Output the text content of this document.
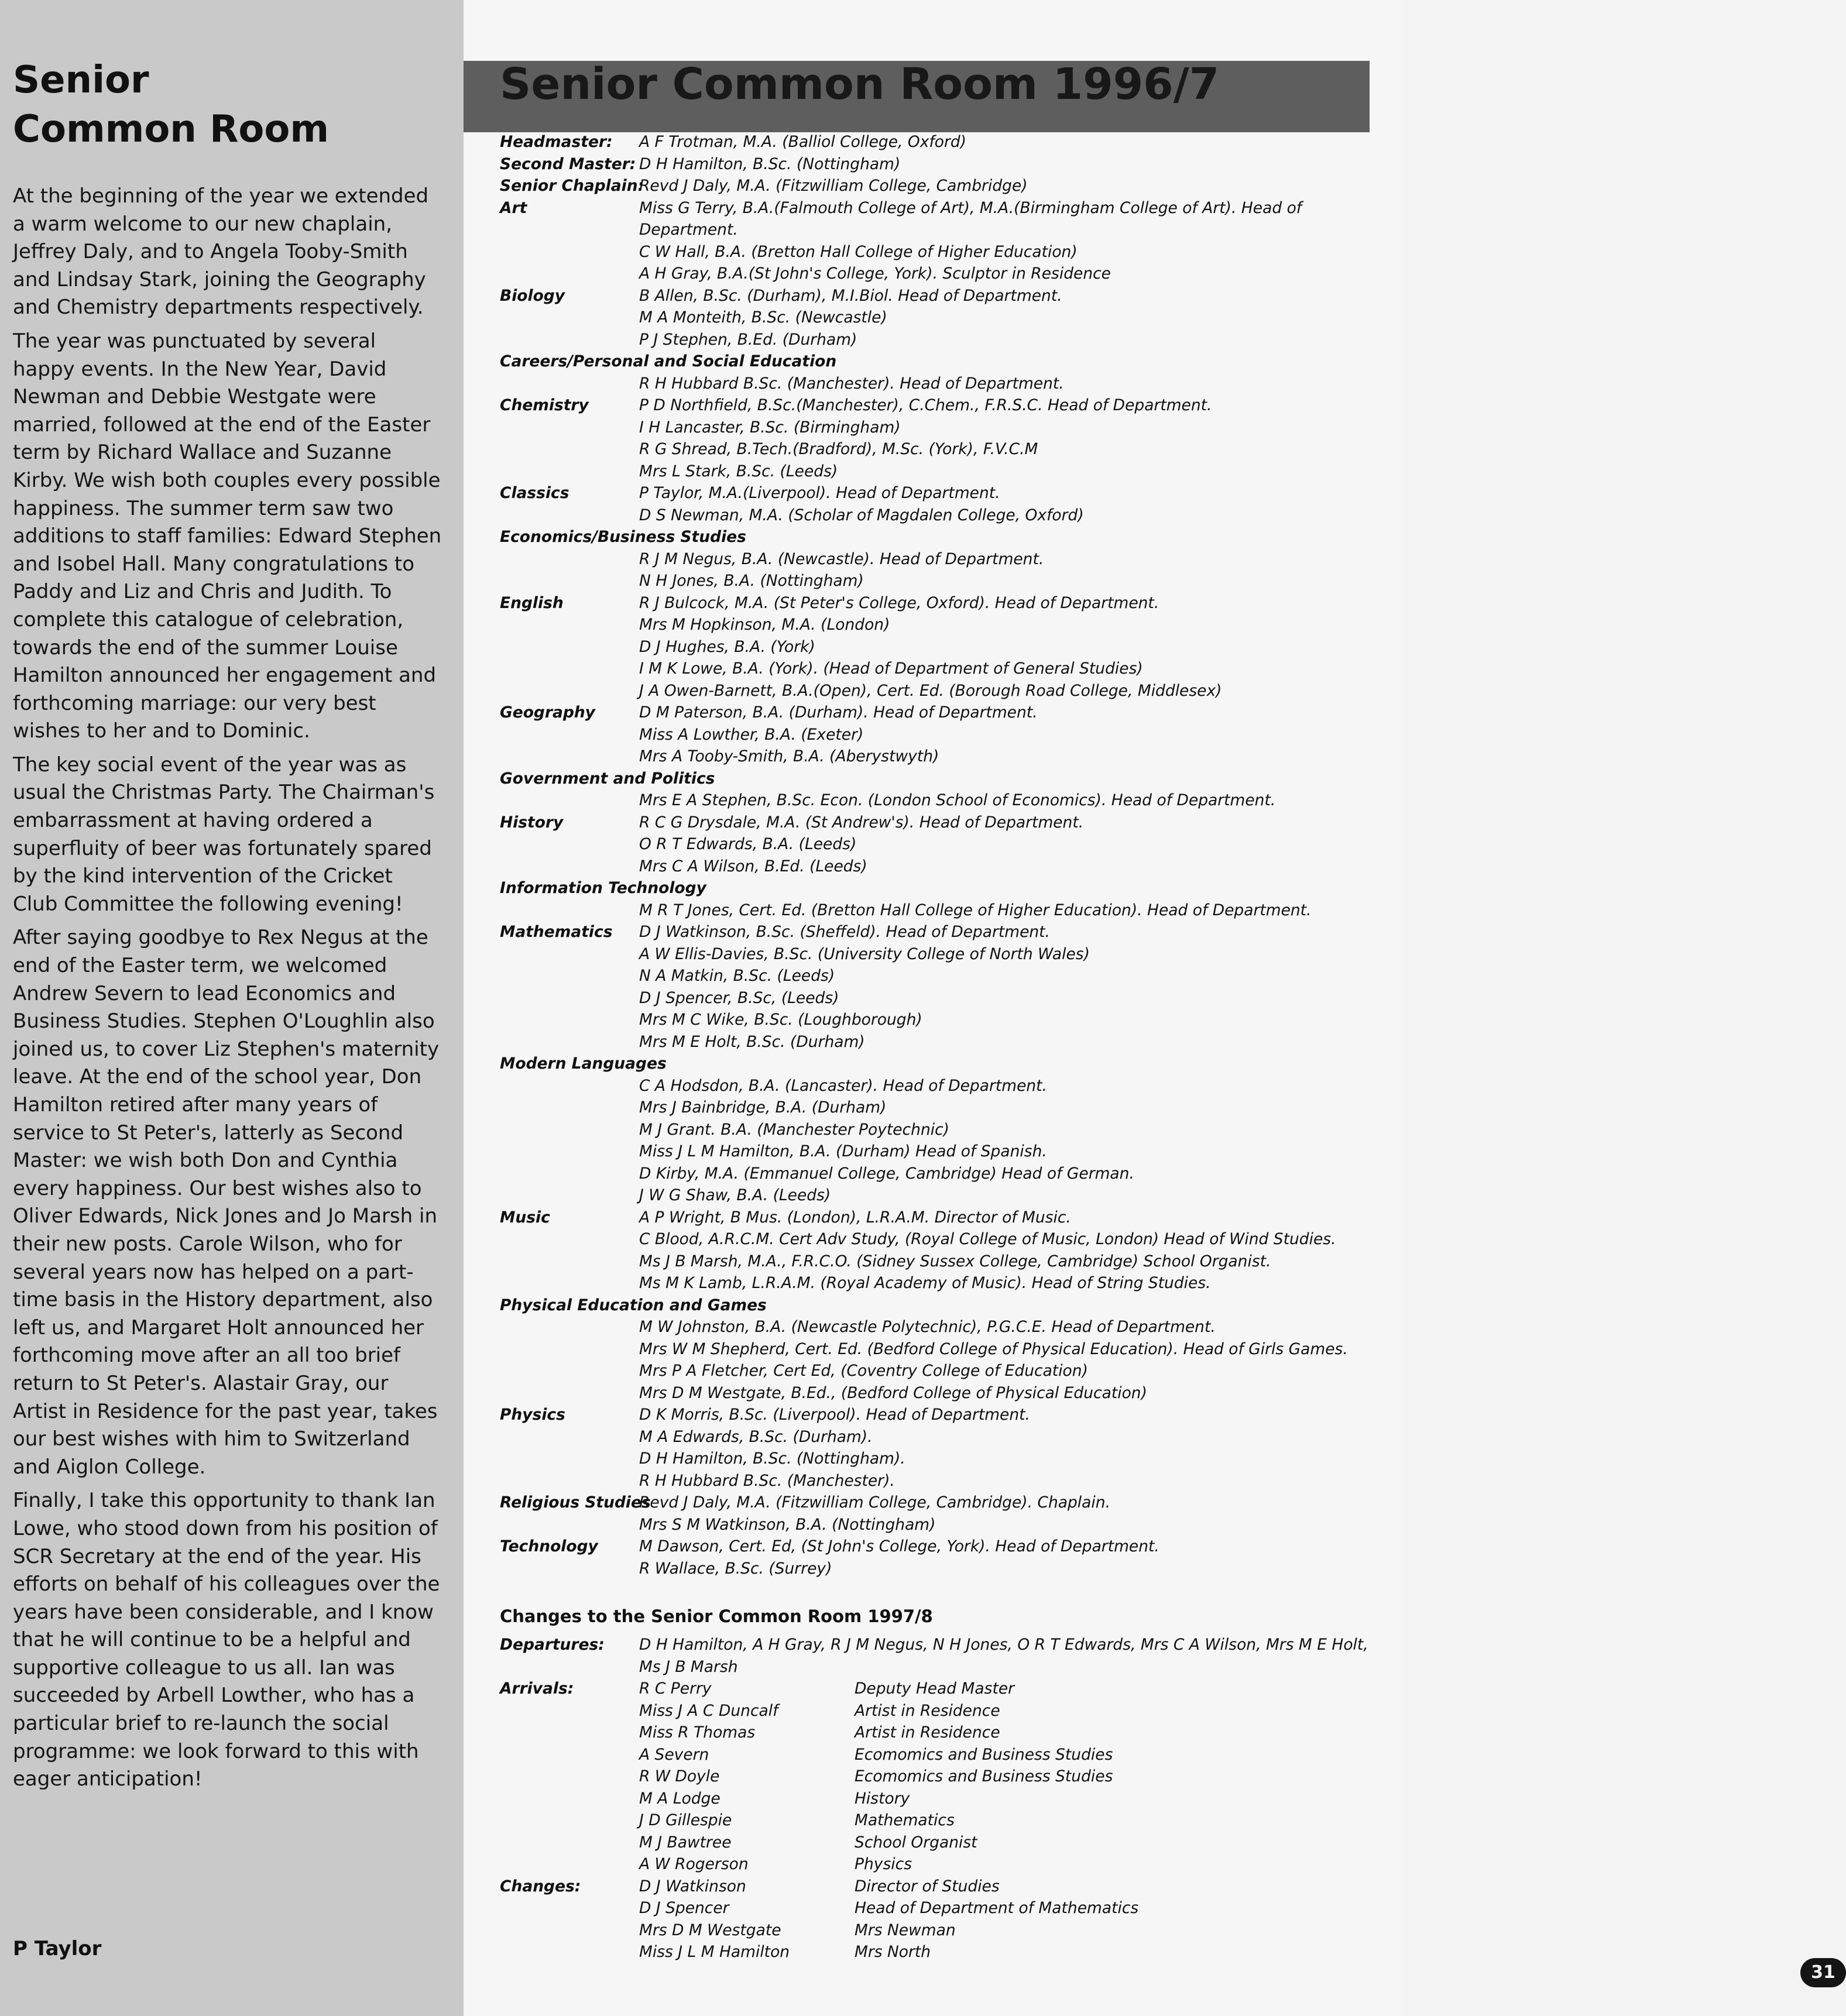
Senior
Common Room

At the beginning of the year we extended a warm welcome to our new chaplain, Jeffrey Daly, and to Angela Tooby-Smith and Lindsay Stark, joining the Geography and Chemistry departments respectively.

The year was punctuated by several happy events. In the New Year, David Newman and Debbie Westgate were married, followed at the end of the Easter term by Richard Wallace and Suzanne Kirby. We wish both couples every possible happiness. The summer term saw two additions to staff families: Edward Stephen and Isobel Hall. Many congratulations to Paddy and Liz and Chris and Judith. To complete this catalogue of celebration, towards the end of the summer Louise Hamilton announced her engagement and forthcoming marriage: our very best wishes to her and to Dominic.

The key social event of the year was as usual the Christmas Party. The Chairman's embarrassment at having ordered a superfluity of beer was fortunately spared by the kind intervention of the Cricket Club Committee the following evening!

After saying goodbye to Rex Negus at the end of the Easter term, we welcomed Andrew Severn to lead Economics and Business Studies. Stephen O'Loughlin also joined us, to cover Liz Stephen's maternity leave. At the end of the school year, Don Hamilton retired after many years of service to St Peter's, latterly as Second Master: we wish both Don and Cynthia every happiness. Our best wishes also to Oliver Edwards, Nick Jones and Jo Marsh in their new posts. Carole Wilson, who for several years now has helped on a part-time basis in the History department, also left us, and Margaret Holt announced her forthcoming move after an all too brief return to St Peter's. Alastair Gray, our Artist in Residence for the past year, takes our best wishes with him to Switzerland and Aiglon College.

Finally, I take this opportunity to thank Ian Lowe, who stood down from his position of SCR Secretary at the end of the year. His efforts on behalf of his colleagues over the years have been considerable, and I know that he will continue to be a helpful and supportive colleague to us all. Ian was succeeded by Arbell Lowther, who has a particular brief to re-launch the social programme: we look forward to this with eager anticipation!

P Taylor
Senior Common Room 1996/7
Headmaster:	A F Trotman, M.A. (Balliol College, Oxford)
Second Master: D H Hamilton, B.Sc. (Nottingham)
Senior Chaplain:
Revd J Daly, M.A. (Fitzwilliam College, Cambridge)
Art	Miss G Terry, B.A.(Falmouth College of Art), M.A.(Birmingham College of Art). Head of Department.
C W Hall, B.A. (Bretton Hall College of Higher Education)
A H Gray, B.A.(St John's College, York). Sculptor in Residence
Biology	B Allen, B.Sc. (Durham), M.I.Biol. Head of Department.
M A Monteith, B.Sc. (Newcastle)
P J Stephen, B.Ed. (Durham)
Careers/Personal and Social Education
R H Hubbard B.Sc. (Manchester). Head of Department.
Chemistry	P D Northfield, B.Sc.(Manchester), C.Chem., F.R.S.C. Head of Department.
I H Lancaster, B.Sc. (Birmingham)
R G Shread, B.Tech.(Bradford), M.Sc. (York), F.V.C.M
Mrs L Stark, B.Sc. (Leeds)
Classics	P Taylor, M.A.(Liverpool). Head of Department.
D S Newman, M.A. (Scholar of Magdalen College, Oxford)
Economics/Business Studies
R J M Negus, B.A. (Newcastle). Head of Department.
N H Jones, B.A. (Nottingham)
English	R J Bulcock, M.A. (St Peter's College, Oxford). Head of Department.
Mrs M Hopkinson, M.A. (London)
D J Hughes, B.A. (York)
I M K Lowe, B.A. (York). (Head of Department of General Studies)
J A Owen-Barnett, B.A.(Open), Cert. Ed. (Borough Road College, Middlesex)
Geography	D M Paterson, B.A. (Durham). Head of Department.
Miss A Lowther, B.A. (Exeter)
Mrs A Tooby-Smith, B.A. (Aberystwyth)
Government and Politics
Mrs E A Stephen, B.Sc. Econ. (London School of Economics). Head of Department.
History	R C G Drysdale, M.A. (St Andrew's). Head of Department.
O R T Edwards, B.A. (Leeds)
Mrs C A Wilson, B.Ed. (Leeds)
Information Technology
M R T Jones, Cert. Ed. (Bretton Hall College of Higher Education). Head of Department.
Mathematics	D J Watkinson, B.Sc. (Sheffeld). Head of Department.
A W Ellis-Davies, B.Sc. (University College of North Wales)
N A Matkin, B.Sc. (Leeds)
D J Spencer, B.Sc, (Leeds)
Mrs M C Wike, B.Sc. (Loughborough)
Mrs M E Holt, B.Sc. (Durham)
Modern Languages
C A Hodsdon, B.A. (Lancaster). Head of Department.
Mrs J Bainbridge, B.A. (Durham)
M J Grant. B.A. (Manchester Poytechnic)
Miss J L M Hamilton, B.A. (Durham) Head of Spanish.
D Kirby, M.A. (Emmanuel College, Cambridge) Head of German.
J W G Shaw, B.A. (Leeds)
Music	A P Wright, B Mus. (London), L.R.A.M. Director of Music.
C Blood, A.R.C.M. Cert Adv Study, (Royal College of Music, London) Head of Wind Studies.
Ms J B Marsh, M.A., F.R.C.O. (Sidney Sussex College, Cambridge) School Organist.
Ms M K Lamb, L.R.A.M. (Royal Academy of Music). Head of String Studies.
Physical Education and Games
M W Johnston, B.A. (Newcastle Polytechnic), P.G.C.E. Head of Department.
Mrs W M Shepherd, Cert. Ed. (Bedford College of Physical Education). Head of Girls Games.
Mrs P A Fletcher, Cert Ed, (Coventry College of Education)
Mrs D M Westgate, B.Ed., (Bedford College of Physical Education)
Physics	D K Morris, B.Sc. (Liverpool). Head of Department.
M A Edwards, B.Sc. (Durham).
D H Hamilton, B.Sc. (Nottingham).
R H Hubbard B.Sc. (Manchester).
Religious Studies
Revd J Daly, M.A. (Fitzwilliam College, Cambridge). Chaplain.
Mrs S M Watkinson, B.A. (Nottingham)
Technology	M Dawson, Cert. Ed, (St John's College, York). Head of Department.
R Wallace, B.Sc. (Surrey)
Changes to the Senior Common Room 1997/8
Departures:	D H Hamilton, A H Gray, R J M Negus, N H Jones, O R T Edwards, Mrs C A Wilson, Mrs M E Holt, Ms J B Marsh
Arrivals:	R C Perry	Deputy Head Master
Miss J A C Duncalf	Artist in Residence
Miss R Thomas	Artist in Residence
A Severn	Ecomomics and Business Studies
R W Doyle	Ecomomics and Business Studies
M A Lodge	History
J D Gillespie	Mathematics
M J Bawtree	School Organist
A W Rogerson	Physics
Changes:	D J Watkinson	Director of Studies
D J Spencer	Head of Department of Mathematics
Mrs D M Westgate	Mrs Newman
Miss J L M Hamilton	Mrs North
31
